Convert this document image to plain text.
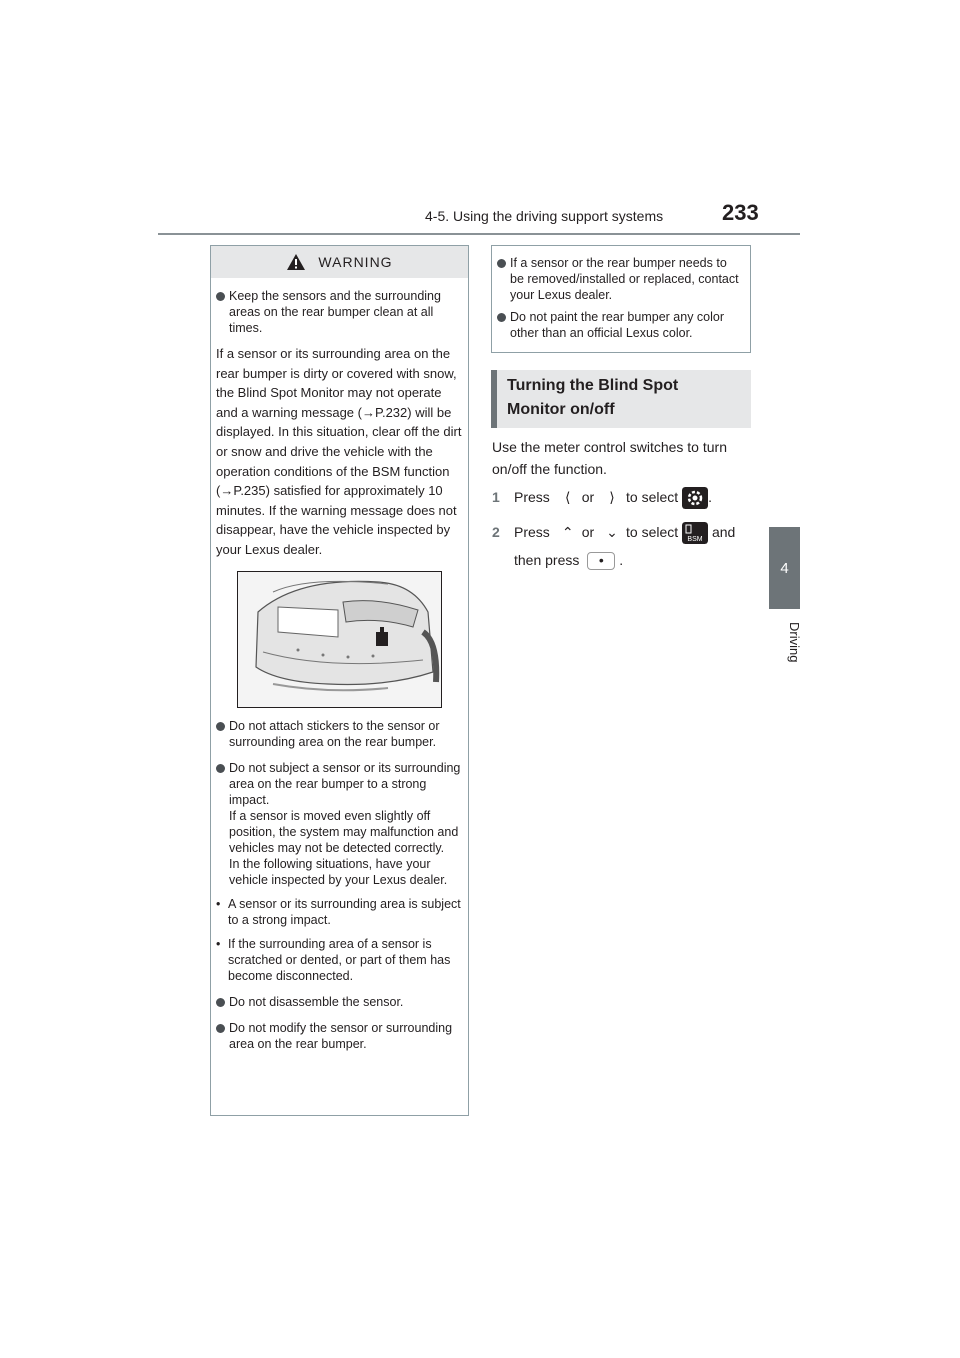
4-5. Using the driving support systems	233
4
Driving
WARNING
Keep the sensors and the surrounding areas on the rear bumper clean at all times.
If a sensor or its surrounding area on the rear bumper is dirty or covered with snow, the Blind Spot Monitor may not operate and a warning message (→P.232) will be displayed. In this situation, clear off the dirt or snow and drive the vehicle with the operation conditions of the BSM function (→P.235) satisfied for approximately 10 minutes. If the warning message does not disappear, have the vehicle inspected by your Lexus dealer.
Do not attach stickers to the sensor or surrounding area on the rear bumper.
Do not subject a sensor or its surrounding area on the rear bumper to a strong impact.
If a sensor is moved even slightly off position, the system may malfunction and vehicles may not be detected correctly.
In the following situations, have your vehicle inspected by your Lexus dealer.
• A sensor or its surrounding area is subject to a strong impact.
• If the surrounding area of a sensor is scratched or dented, or part of them has become disconnected.
Do not disassemble the sensor.
Do not modify the sensor or surrounding area on the rear bumper.
If a sensor or the rear bumper needs to be removed/installed or replaced, contact your Lexus dealer.
Do not paint the rear bumper any color other than an official Lexus color.
Turning the Blind Spot Monitor on/off
Use the meter control switches to turn on/off the function.
1 Press ⟨ or ⟩ to select .
2 Press ⌃ or ⌄ to select BSM and
then press • .
